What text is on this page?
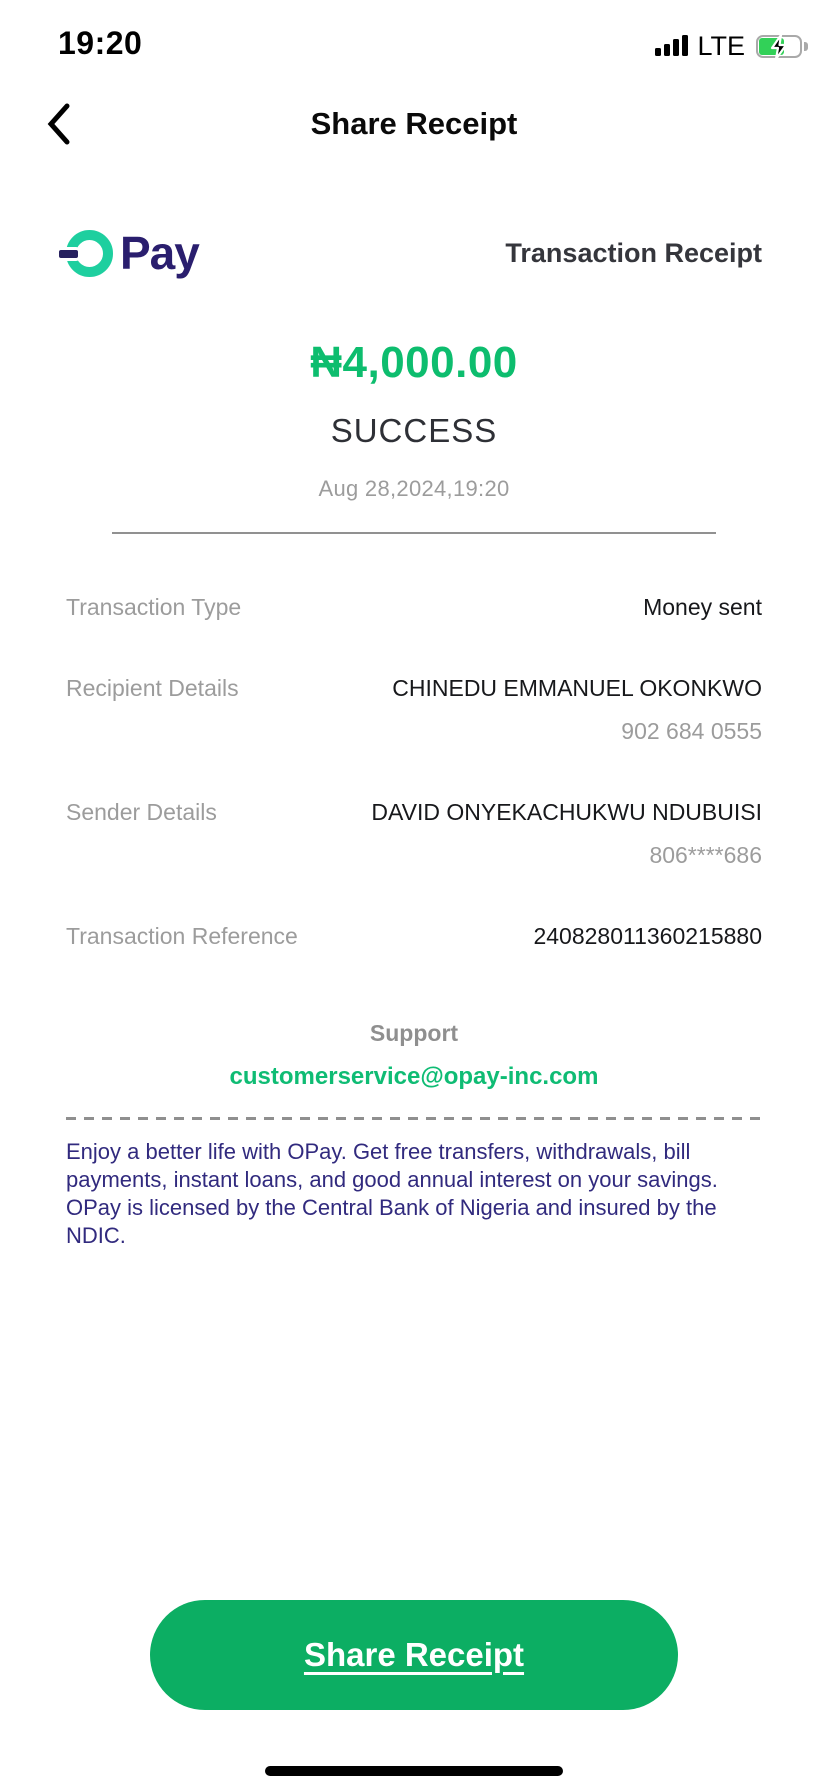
19:20	LTE
Share Receipt
Pay	Transaction Receipt
₦4,000.00
SUCCESS
Aug 28,2024,19:20
Transaction Type	Money sent
Recipient Details	CHINEDU EMMANUEL OKONKWO
902 684 0555
Sender Details	DAVID ONYEKACHUKWU NDUBUISI
806****686
Transaction Reference	240828011360215880
Support
customerservice@opay-inc.com

Enjoy a better life with OPay. Get free transfers, withdrawals, bill payments, instant loans, and good annual interest on your savings. OPay is licensed by the Central Bank of Nigeria and insured by the NDIC.

Share Receipt
